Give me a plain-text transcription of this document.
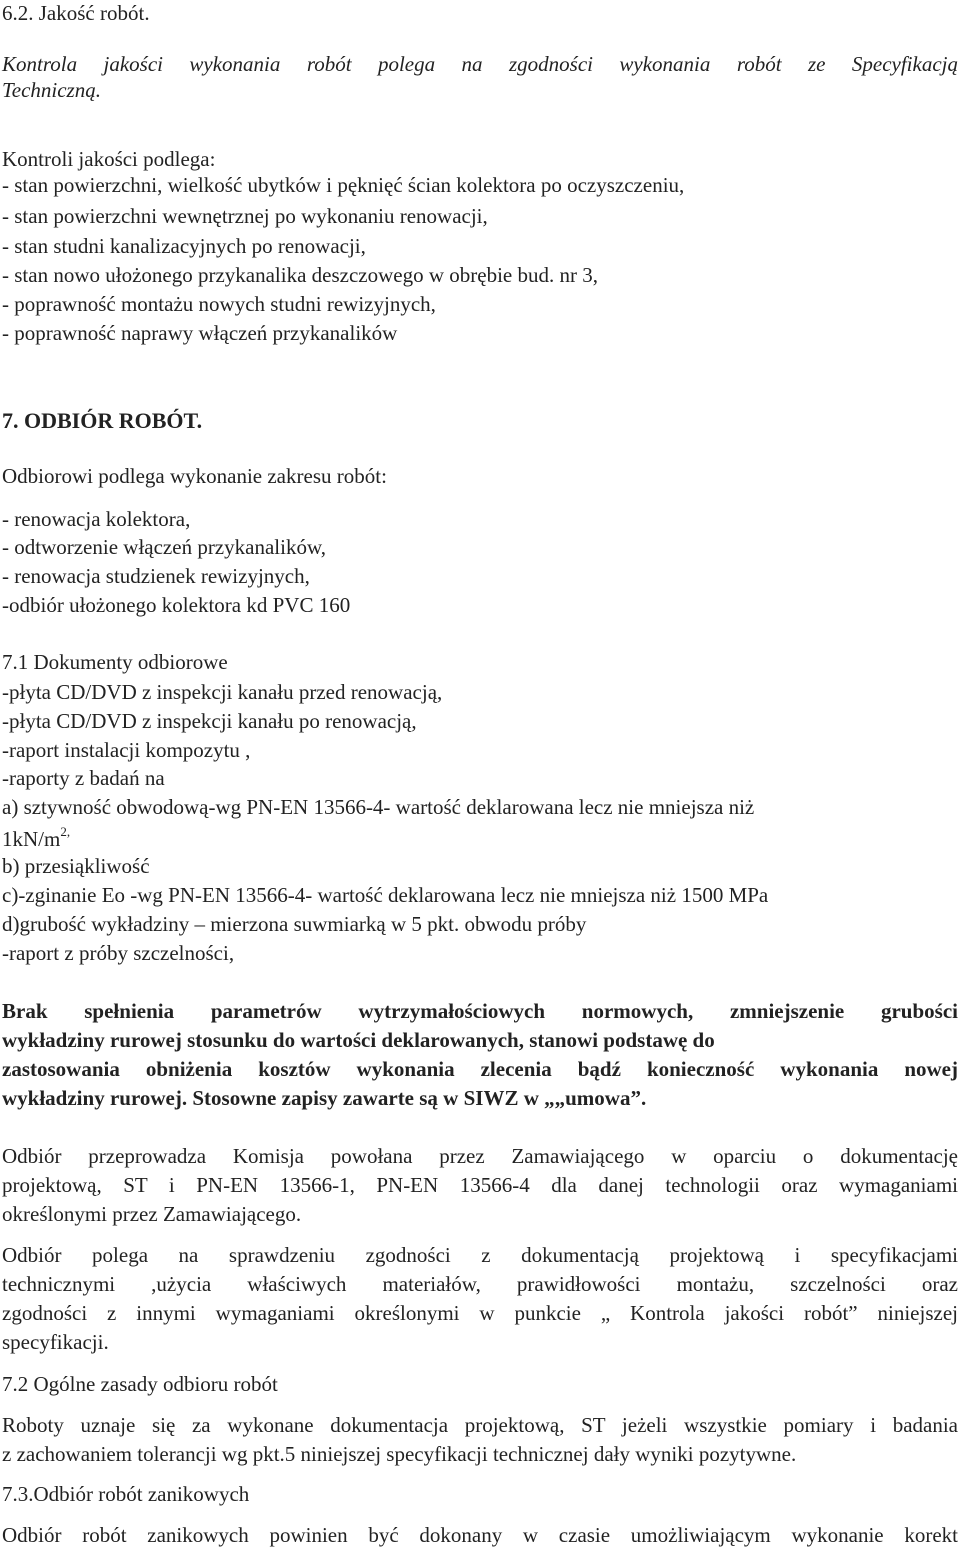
6.2. Jakość robót.
Kontrola jakości wykonania robót polega na zgodności wykonania robót ze Specyfikacją
Techniczną.
Kontroli jakości podlega:
- stan powierzchni, wielkość ubytków i pęknięć ścian kolektora po oczyszczeniu,
- stan powierzchni wewnętrznej po wykonaniu renowacji,
- stan studni kanalizacyjnych po renowacji,
- stan nowo ułożonego przykanalika deszczowego w obrębie bud. nr 3,
- poprawność montażu nowych studni rewizyjnych,
- poprawność naprawy włączeń przykanalików
7. ODBIÓR ROBÓT.
Odbiorowi podlega wykonanie zakresu robót:
- renowacja kolektora,
- odtworzenie włączeń przykanalików,
- renowacja studzienek rewizyjnych,
-odbiór ułożonego kolektora kd PVC 160
7.1 Dokumenty odbiorowe
-płyta CD/DVD z inspekcji kanału przed renowacją,
-płyta CD/DVD z inspekcji kanału po renowacją,
-raport instalacji kompozytu ,
-raporty z badań na
a) sztywność obwodową-wg PN-EN 13566-4- wartość deklarowana lecz nie mniejsza niż
$1kN/m^{2,}$
b) przesiąkliwość
c)-zginanie Eo -wg PN-EN 13566-4- wartość deklarowana lecz nie mniejsza niż 1500 MPa
d)grubość wykładziny – mierzona suwmiarką w 5 pkt. obwodu próby
-raport z próby szczelności,
Brak spełnienia parametrów wytrzymałościowych normowych, zmniejszenie grubości
wykładziny rurowej stosunku do wartości deklarowanych, stanowi podstawę do
zastosowania obniżenia kosztów wykonania zlecenia bądź konieczność wykonania nowej
wykładziny rurowej. Stosowne zapisy zawarte są w SIWZ w „„umowa”.
Odbiór przeprowadza Komisja powołana przez Zamawiającego w oparciu o dokumentację
projektową, ST i PN-EN 13566-1, PN-EN 13566-4 dla danej technologii oraz wymaganiami
określonymi przez Zamawiającego.
Odbiór polega na sprawdzeniu zgodności z dokumentacją projektową i specyfikacjami
technicznymi ,użycia właściwych materiałów, prawidłowości montażu, szczelności oraz
zgodności z innymi wymaganiami określonymi w punkcie „ Kontrola jakości robót” niniejszej
specyfikacji.
7.2 Ogólne zasady odbioru robót
Roboty uznaje się za wykonane dokumentacja projektową, ST jeżeli wszystkie pomiary i badania
z zachowaniem tolerancji wg pkt.5 niniejszej specyfikacji technicznej dały wyniki pozytywne.
7.3.Odbiór robót zanikowych
Odbiór robót zanikowych powinien być dokonany w czasie umożliwiającym wykonanie korekt
